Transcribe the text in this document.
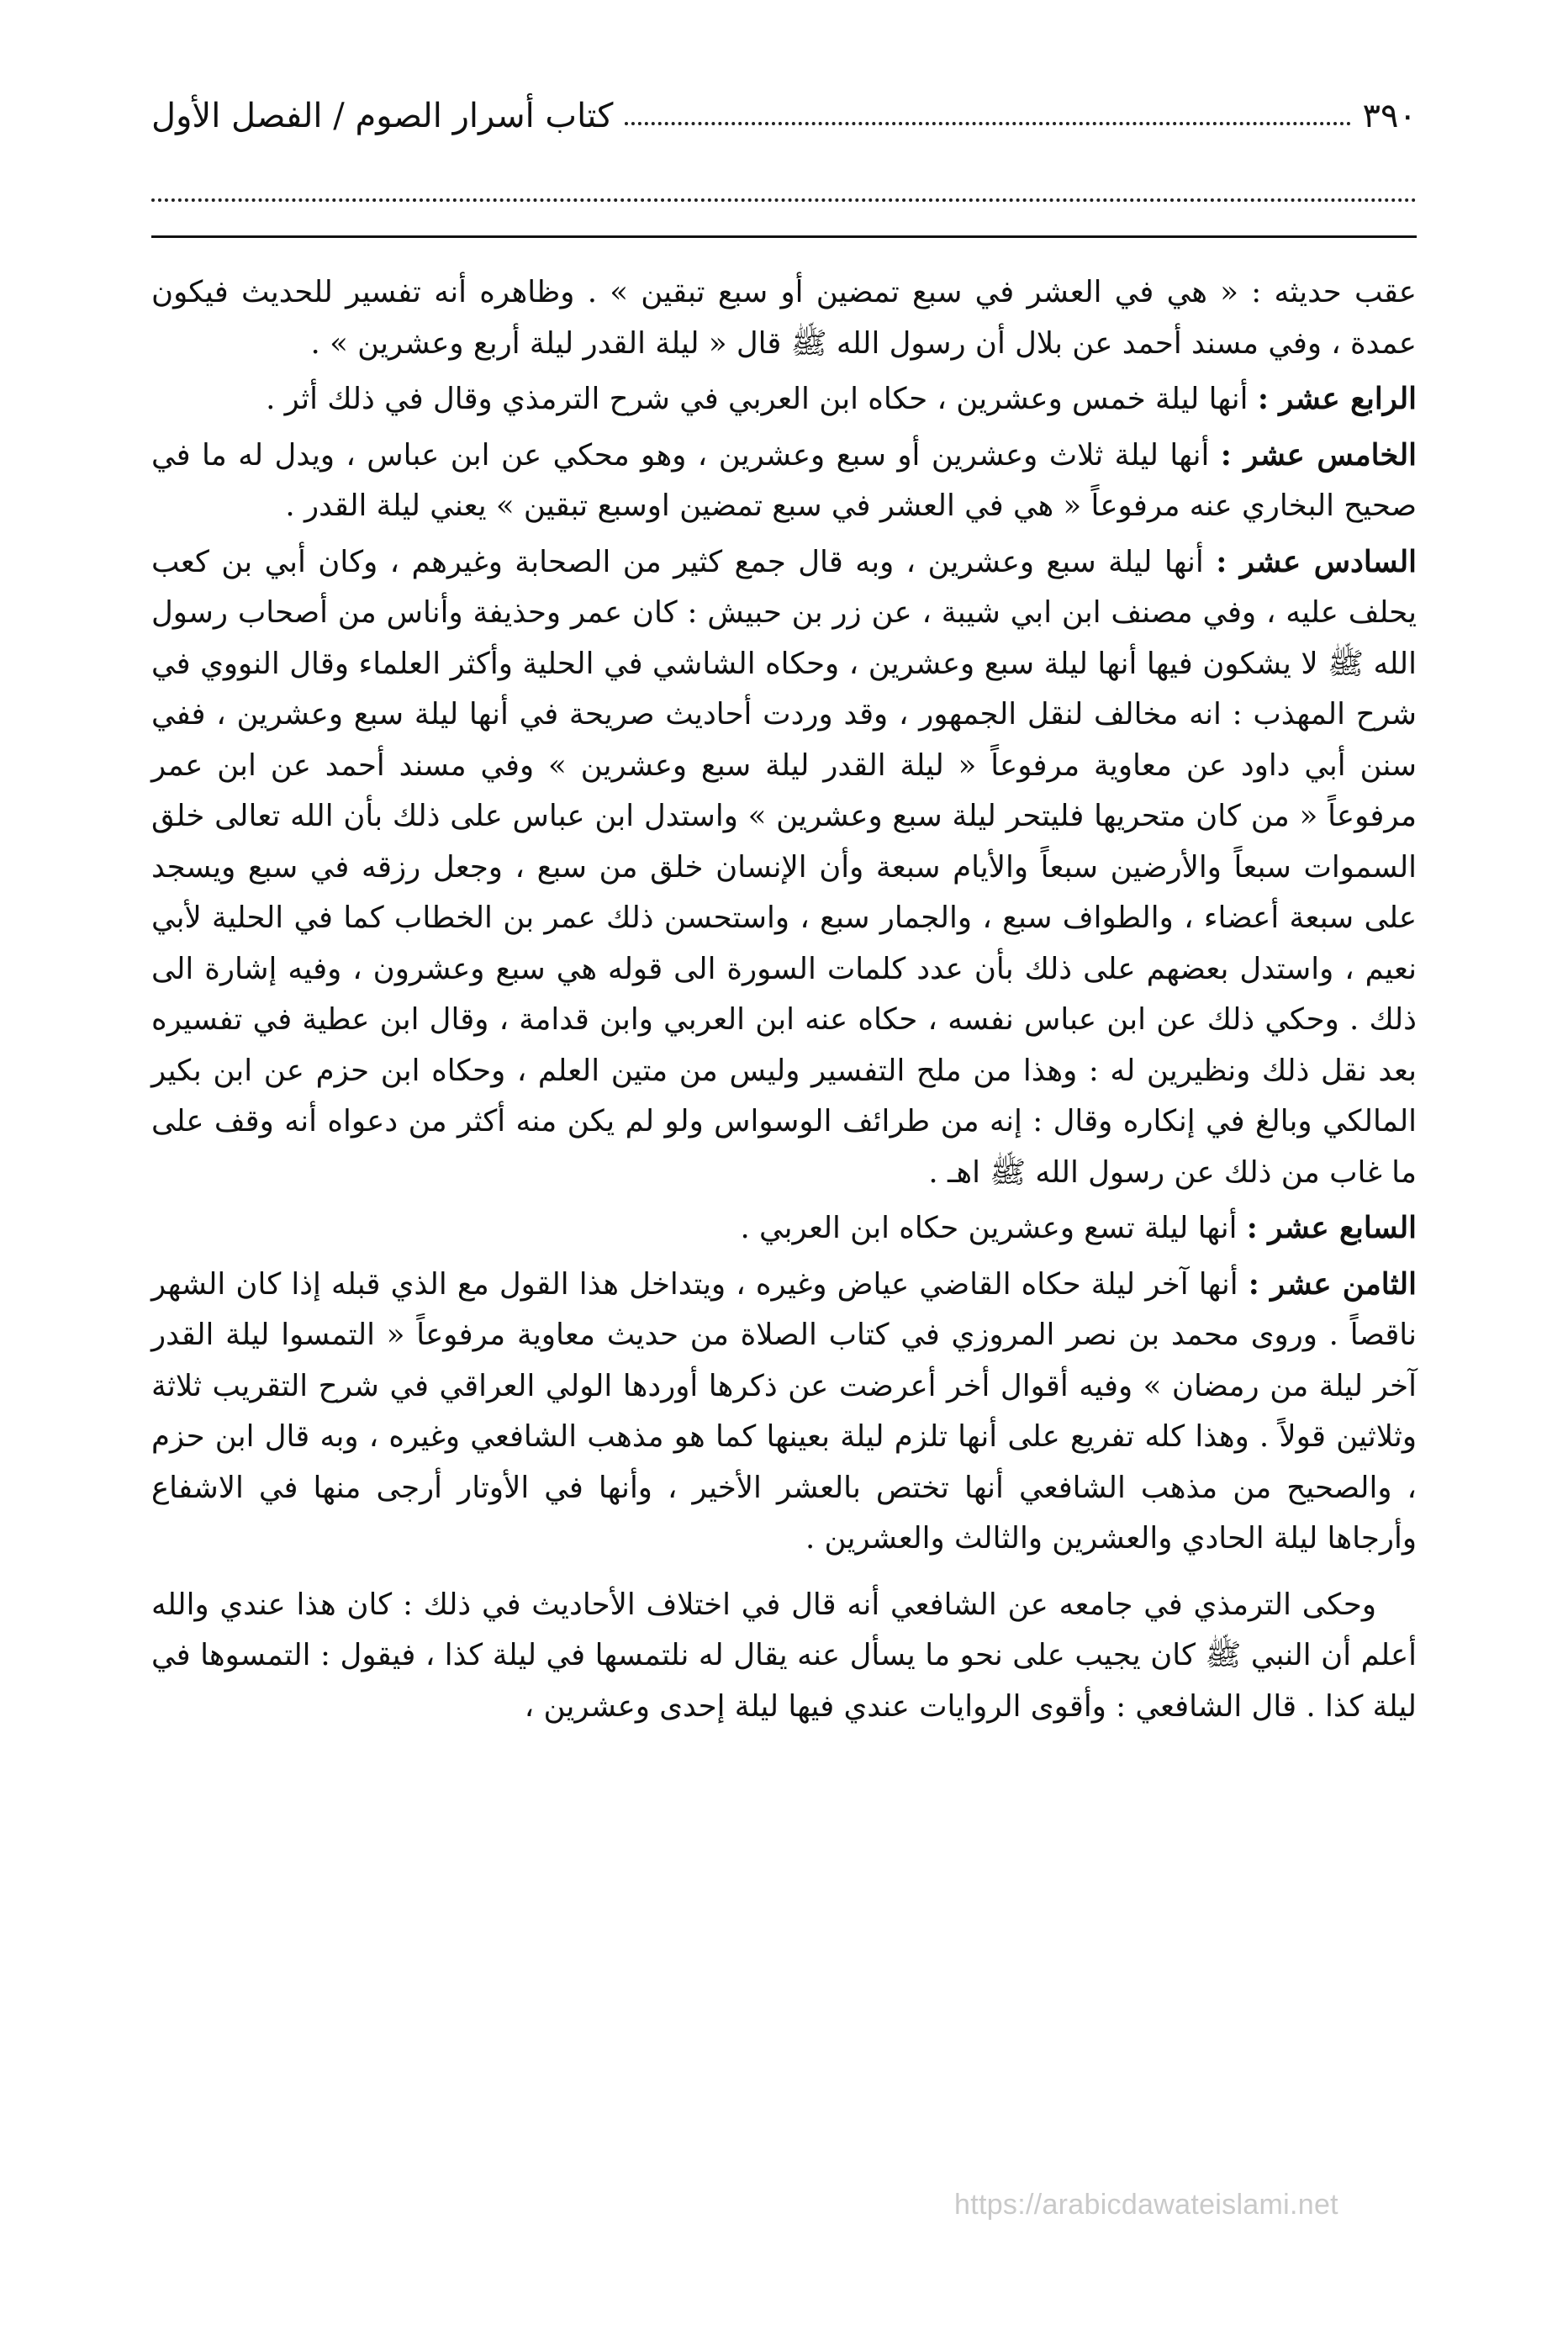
٣٩٠
كتاب أسرار الصوم / الفصل الأول

عقب حديثه : « هي في العشر في سبع تمضين أو سبع تبقين » . وظاهره أنه تفسير للحديث فيكون عمدة ، وفي مسند أحمد عن بلال أن رسول الله ﷺ قال « ليلة القدر ليلة أربع وعشرين » .

الرابع عشر : أنها ليلة خمس وعشرين ، حكاه ابن العربي في شرح الترمذي وقال في ذلك أثر .

الخامس عشر : أنها ليلة ثلاث وعشرين أو سبع وعشرين ، وهو محكي عن ابن عباس ، ويدل له ما في صحيح البخاري عنه مرفوعاً « هي في العشر في سبع تمضين اوسبع تبقين » يعني ليلة القدر .

السادس عشر : أنها ليلة سبع وعشرين ، وبه قال جمع كثير من الصحابة وغيرهم ، وكان أبي بن كعب يحلف عليه ، وفي مصنف ابن ابي شيبة ، عن زر بن حبيش : كان عمر وحذيفة وأناس من أصحاب رسول الله ﷺ لا يشكون فيها أنها ليلة سبع وعشرين ، وحكاه الشاشي في الحلية وأكثر العلماء وقال النووي في شرح المهذب : انه مخالف لنقل الجمهور ، وقد وردت أحاديث صريحة في أنها ليلة سبع وعشرين ، ففي سنن أبي داود عن معاوية مرفوعاً « ليلة القدر ليلة سبع وعشرين » وفي مسند أحمد عن ابن عمر مرفوعاً « من كان متحريها فليتحر ليلة سبع وعشرين » واستدل ابن عباس على ذلك بأن الله تعالى خلق السموات سبعاً والأرضين سبعاً والأيام سبعة وأن الإنسان خلق من سبع ، وجعل رزقه في سبع ويسجد على سبعة أعضاء ، والطواف سبع ، والجمار سبع ، واستحسن ذلك عمر بن الخطاب كما في الحلية لأبي نعيم ، واستدل بعضهم على ذلك بأن عدد كلمات السورة الى قوله هي سبع وعشرون ، وفيه إشارة الى ذلك . وحكي ذلك عن ابن عباس نفسه ، حكاه عنه ابن العربي وابن قدامة ، وقال ابن عطية في تفسيره بعد نقل ذلك ونظيرين له : وهذا من ملح التفسير وليس من متين العلم ، وحكاه ابن حزم عن ابن بكير المالكي وبالغ في إنكاره وقال : إنه من طرائف الوسواس ولو لم يكن منه أكثر من دعواه أنه وقف على ما غاب من ذلك عن رسول الله ﷺ اهـ .

السابع عشر : أنها ليلة تسع وعشرين حكاه ابن العربي .

الثامن عشر : أنها آخر ليلة حكاه القاضي عياض وغيره ، ويتداخل هذا القول مع الذي قبله إذا كان الشهر ناقصاً . وروى محمد بن نصر المروزي في كتاب الصلاة من حديث معاوية مرفوعاً « التمسوا ليلة القدر آخر ليلة من رمضان » وفيه أقوال أخر أعرضت عن ذكرها أوردها الولي العراقي في شرح التقريب ثلاثة وثلاثين قولاً . وهذا كله تفريع على أنها تلزم ليلة بعينها كما هو مذهب الشافعي وغيره ، وبه قال ابن حزم ، والصحيح من مذهب الشافعي أنها تختص بالعشر الأخير ، وأنها في الأوتار أرجى منها في الاشفاع وأرجاها ليلة الحادي والعشرين والثالث والعشرين .

وحكى الترمذي في جامعه عن الشافعي أنه قال في اختلاف الأحاديث في ذلك : كان هذا عندي والله أعلم أن النبي ﷺ كان يجيب على نحو ما يسأل عنه يقال له نلتمسها في ليلة كذا ، فيقول : التمسوها في ليلة كذا . قال الشافعي : وأقوى الروايات عندي فيها ليلة إحدى وعشرين ،

https://arabicdawateislami.net
